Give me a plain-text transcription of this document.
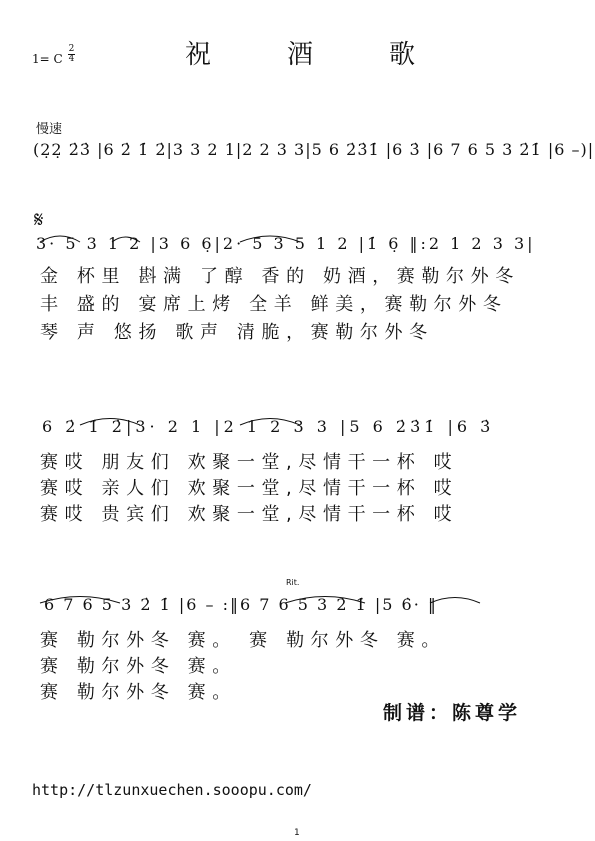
祝	酒	歌
1= C
2
4
慢速
(2̣2̣ 2̇3̇ |6 2̇ 1̇ 2̇|3 3 2 1|2 2 3 3|5 6 2̇3̇1̇ |6 3̇ |6 7 6 5 3 2̇1̇ |6 –)|
𝄋
3· 5 3 1 2 |3 6 6̣|2· 5 3 5 1 2 |1̇ 6̣ ‖:2 1 2 3 3|
金 杯里 斟满 了醇 香的 奶酒，赛勒尔外冬
丰 盛的 宴席上烤 全羊 鲜美，赛勒尔外冬
琴 声 悠扬 歌声 清脆，赛勒尔外冬
6 2̇ 1̇ 2̇|3· 2 1 |2 1 2 3 3 |5 6 2̇3̇1̇ |6 3̇
赛哎 朋友们 欢聚一堂,尽情干一杯 哎
赛哎 亲人们 欢聚一堂,尽情干一杯 哎
赛哎 贵宾们 欢聚一堂,尽情干一杯 哎
Rit.
6 7 6 5 3 2̇ 1̇ |6 – :‖6 7 6 5 3 2̇ 1̇ |5 6̇· ‖
赛 勒尔外冬 赛。 赛 勒尔外冬 赛。
赛 勒尔外冬 赛。
赛 勒尔外冬 赛。
制谱：陈尊学
http://tlzunxuechen.sooopu.com/
1
